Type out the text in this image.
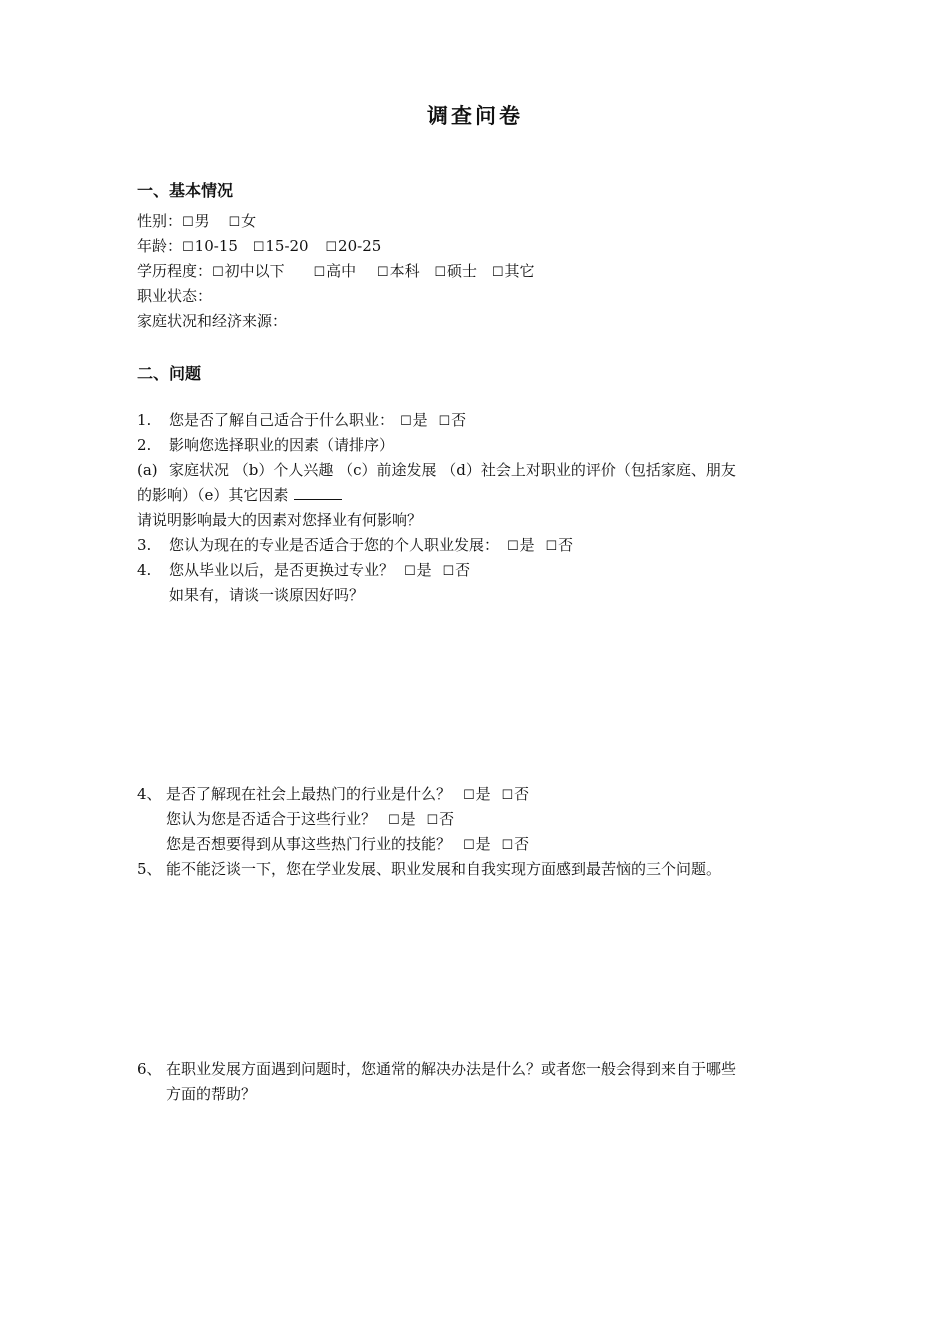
调查问卷
一、基本情况
性别：☐男 ☐女
年龄：☐10-15 ☐15-20 ☐20-25
学历程度：☐初中以下 ☐高中 ☐本科 ☐硕士 ☐其它
职业状态：
家庭状况和经济来源：
二、问题
1. 您是否了解自己适合于什么职业： ☐是 ☐否
2. 影响您选择职业的因素（请排序）
(a) 家庭状况 （b）个人兴趣 （c）前途发展 （d）社会上对职业的评价（包括家庭、朋友
的影响）（e）其它因素
请说明影响最大的因素对您择业有何影响？
3. 您认为现在的专业是否适合于您的个人职业发展： ☐是 ☐否
4. 您从毕业以后，是否更换过专业？ ☐是 ☐否
如果有，请谈一谈原因好吗？
4、 是否了解现在社会上最热门的行业是什么？ ☐是 ☐否
您认为您是否适合于这些行业？ ☐是 ☐否
您是否想要得到从事这些热门行业的技能？ ☐是 ☐否
5、 能不能泛谈一下，您在学业发展、职业发展和自我实现方面感到最苦恼的三个问题。
6、 在职业发展方面遇到问题时，您通常的解决办法是什么？或者您一般会得到来自于哪些
方面的帮助？
